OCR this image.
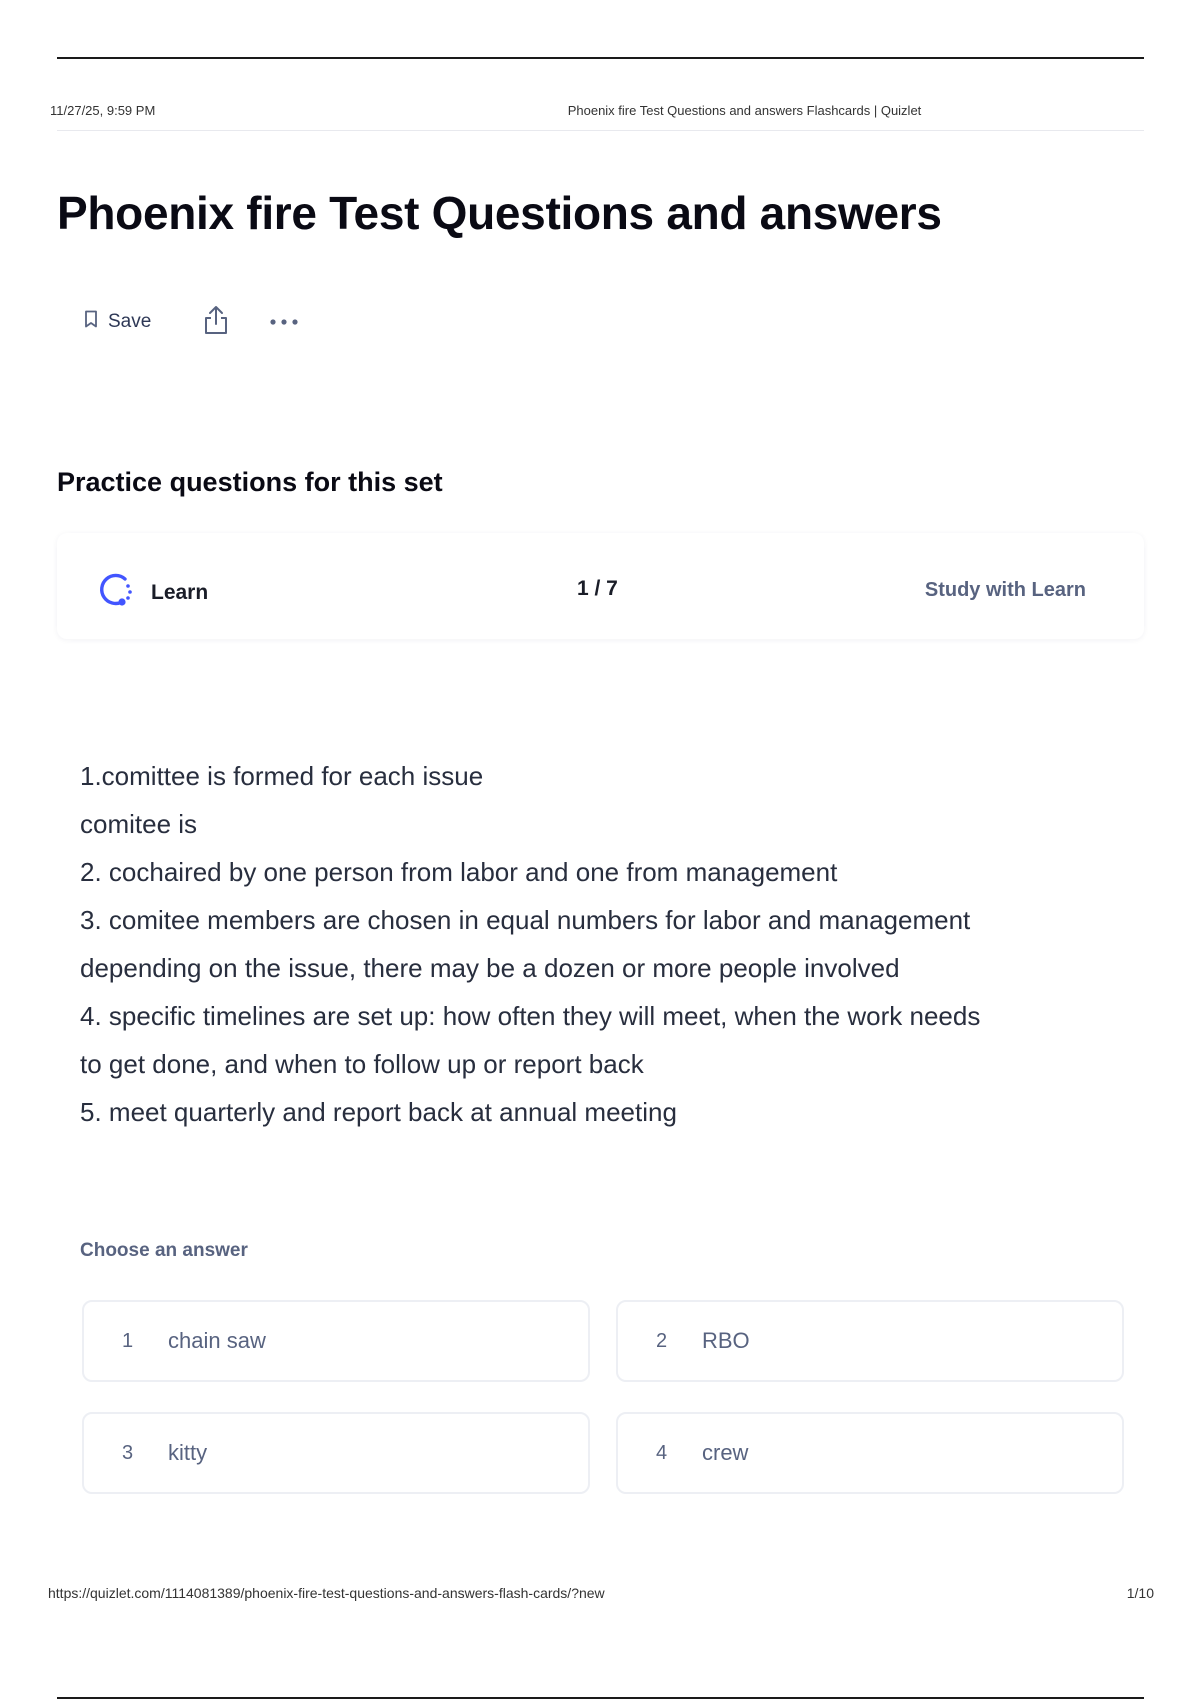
11/27/25, 9:59 PM	Phoenix fire Test Questions and answers Flashcards | Quizlet
Phoenix fire Test Questions and answers
Save
Practice questions for this set
Learn	1 / 7	Study with Learn
1.comittee is formed for each issue
comitee is
2. cochaired by one person from labor and one from management
3. comitee members are chosen in equal numbers for labor and management
depending on the issue, there may be a dozen or more people involved
4. specific timelines are set up: how often they will meet, when the work needs
to get done, and when to follow up or report back
5. meet quarterly and report back at annual meeting
Choose an answer
1	chain saw	2	RBO
3	kitty	4	crew
https://quizlet.com/1114081389/phoenix-fire-test-questions-and-answers-flash-cards/?new	1/10
